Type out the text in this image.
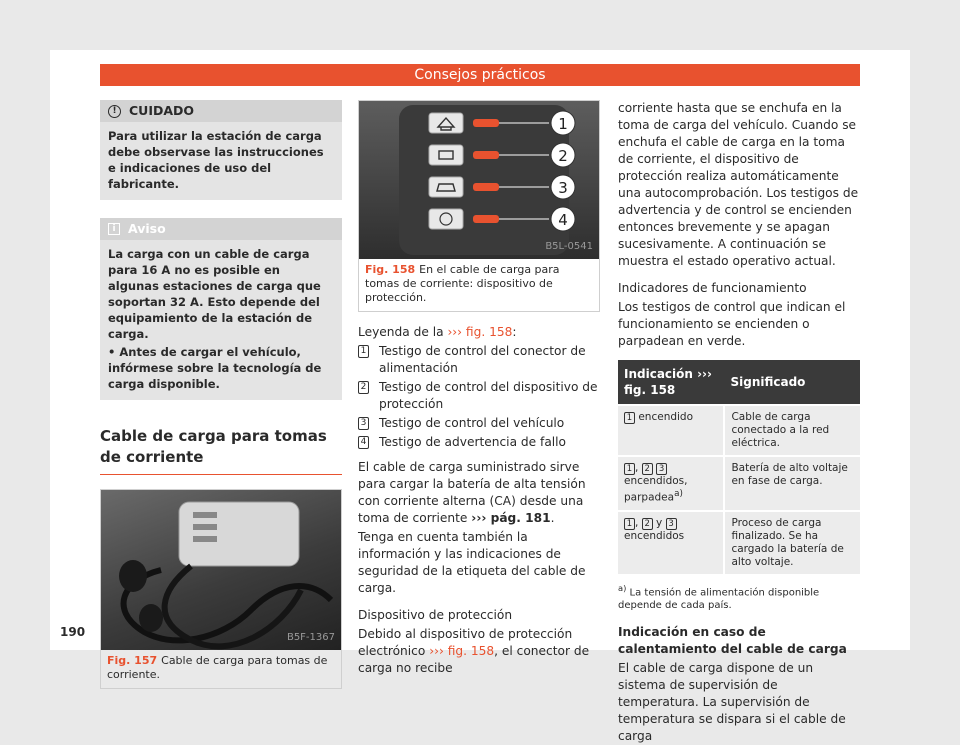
Consejos prácticos
! CUIDADO

Para utilizar la estación de carga debe observase las instrucciones e indicaciones de uso del fabricante.

i Aviso

La carga con un cable de carga para 16 A no es posible en algunas estaciones de carga que soportan 32 A. Esto depende del equipamiento de la estación de carga.

• Antes de cargar el vehículo, infórmese sobre la tecnología de carga disponible.

Cable de carga para tomas de corriente
B5F-1367
Fig. 157 Cable de carga para tomas de corriente.
1
2
3
4
B5L-0541
Fig. 158 En el cable de carga para tomas de corriente: dispositivo de protección.

Leyenda de la ››› fig. 158:

1 Testigo de control del conector de alimentación
2 Testigo de control del dispositivo de protección
3 Testigo de control del vehículo
4 Testigo de advertencia de fallo

El cable de carga suministrado sirve para cargar la batería de alta tensión con corriente alterna (CA) desde una toma de corriente ››› pág. 181.

Tenga en cuenta también la información y las indicaciones de seguridad de la etiqueta del cable de carga.

Dispositivo de protección

Debido al dispositivo de protección electrónico ››› fig. 158, el conector de carga no recibe

corriente hasta que se enchufa en la toma de carga del vehículo. Cuando se enchufa el cable de carga en la toma de corriente, el dispositivo de protección realiza automáticamente una autocomprobación. Los testigos de advertencia y de control se encienden entonces brevemente y se apagan sucesivamente. A continuación se muestra el estado operativo actual.

Indicadores de funcionamiento

Los testigos de control que indican el funcionamiento se encienden o parpadean en verde.

Indicación ››› fig. 158	Significado
1 encendido	Cable de carga conectado a la red eléctrica.
1 , 2 3 encendidos, parpadea$^{a)}$	Batería de alto voltaje en fase de carga.
1 , 2 y 3 encendidos	Proceso de carga finalizado. Se ha cargado la batería de alto voltaje.

$^{a)}$ La tensión de alimentación disponible depende de cada país.

Indicación en caso de calentamiento del cable de carga

El cable de carga dispone de un sistema de supervisión de temperatura. La supervisión de temperatura se dispara si el cable de carga

190
